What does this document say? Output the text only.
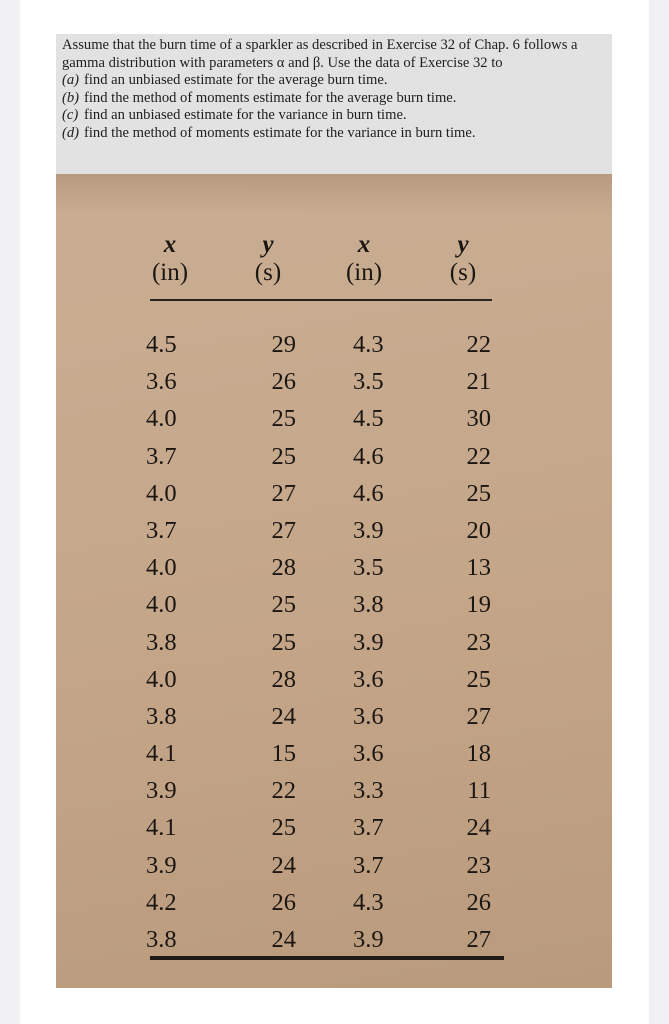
Assume that the burn time of a sparkler as described in Exercise 32 of Chap. 6 follows a gamma distribution with parameters α and β. Use the data of Exercise 32 to

(a) find an unbiased estimate for the average burn time.

(b) find the method of moments estimate for the average burn time.

(c) find an unbiased estimate for the variance in burn time.

(d) find the method of moments estimate for the variance in burn time.

x
(in)
y
(s)
x
(in)
y
(s)
4.5
3.6
4.0
3.7
4.0
3.7
4.0
4.0
3.8
4.0
3.8
4.1
3.9
4.1
3.9
4.2
3.8
29
26
25
25
27
27
28
25
25
28
24
15
22
25
24
26
24
4.3
3.5
4.5
4.6
4.6
3.9
3.5
3.8
3.9
3.6
3.6
3.6
3.3
3.7
3.7
4.3
3.9
22
21
30
22
25
20
13
19
23
25
27
18
11
24
23
26
27
